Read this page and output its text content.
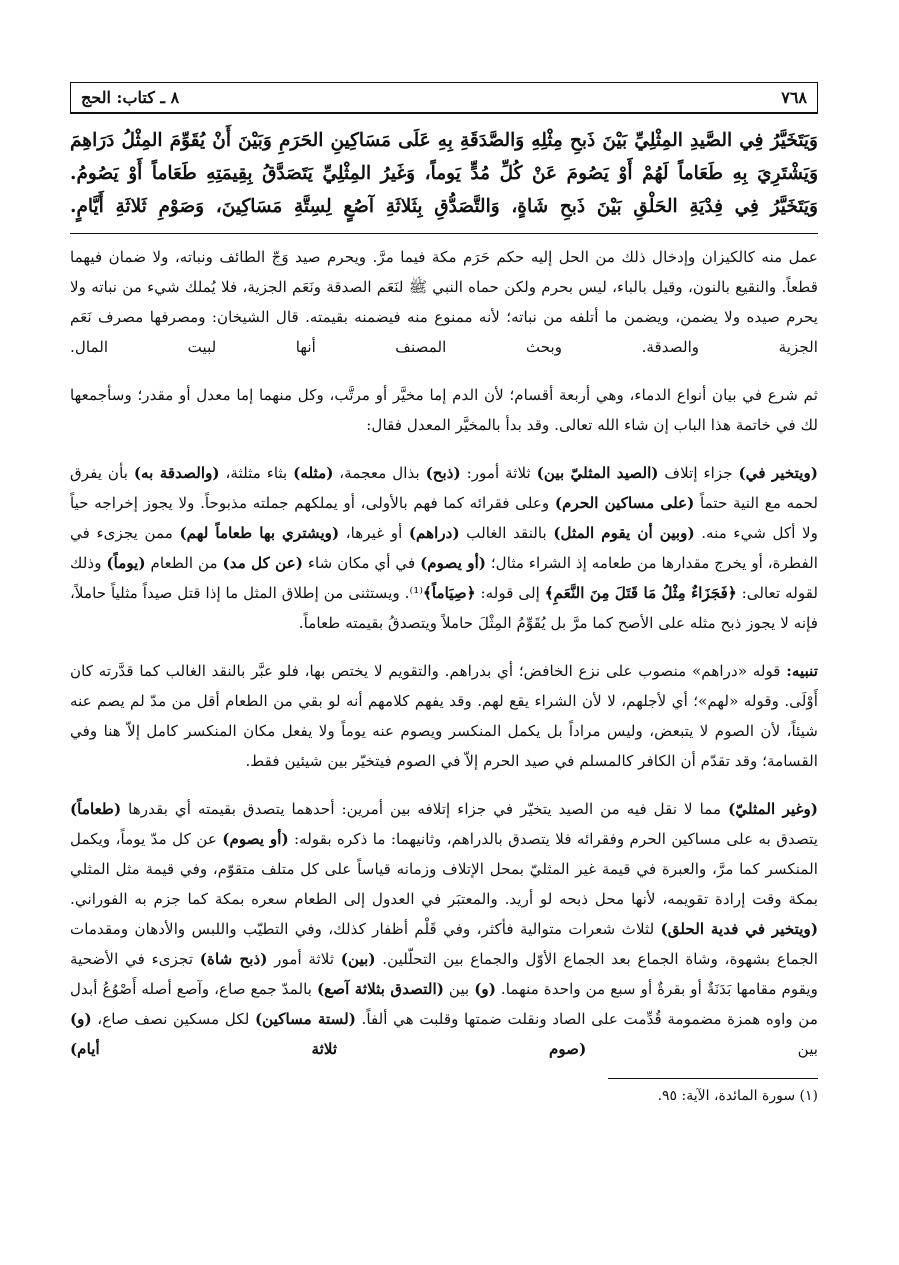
٧٦٨
٨ ـ كتاب: الحج

وَيَتَخَيَّرُ فِي الصَّيدِ المِثْلِيِّ بَيْنَ ذَبحِ مِثْلِهِ وَالصَّدَقَةِ بِهِ عَلَى مَسَاكِينِ الحَرَمِ وَبَيْنَ أَنْ يُقَوِّمَ المِثْلُ دَرَاهِمَ

وَيَشْتَرِيَ بِهِ طَعَاماً لَهُمْ أَوْ يَصُومَ عَنْ كُلِّ مُدٍّ يَوماً، وَغَيرُ المِثْلِيِّ يَتَصَدَّقُ بِقِيمَتِهِ طَعَاماً أَوْ يَصُومُ.

وَيَتَخَيَّرُ فِي فِدْيَةِ الحَلْقِ بَيْنَ ذَبحِ شَاةٍ، وَالتَّصَدُّقِ بِثَلاثَةِ آصُعٍ لِسِتَّةِ مَسَاكِينَ، وَصَوْمِ ثَلاثَةِ أَيَّامٍ.

عمل منه كالكيزان وإدخال ذلك من الحل إليه حكم حَرَم مكة فيما مرَّ. ويحرم صيد وَجّ الطائف ونباته، ولا ضمان فيهما قطعاً. والنقيع بالنون، وقيل بالباء، ليس بحرم ولكن حماه النبي ﷺ لنَعَم الصدقة ونَعَم الجزية، فلا يُملك شيء من نباته ولا يحرم صيده ولا يضمن، ويضمن ما أتلفه من نباته؛ لأنه ممنوع منه فيضمنه بقيمته. قال الشيخان: ومصرفها مصرف نَعَم الجزية والصدقة. وبحث المصنف أنها لبيت المال.

ثم شرع في بيان أنواع الدماء، وهي أربعة أقسام؛ لأن الدم إما مخيَّر أو مرتَّب، وكل منهما إما معدل أو مقدر؛ وسأجمعها لك في خاتمة هذا الباب إن شاء الله تعالى. وقد بدأ بالمخيَّر المعدل فقال:

(ويتخير في) جزاء إتلاف (الصيد المثليّ بين) ثلاثة أمور: (ذبح) بذال معجمة، (مثله) بثاء مثلثة، (والصدقة به) بأن يفرق لحمه مع النية حتماً (على مساكين الحرم) وعلى فقرائه كما فهم بالأولى، أو يملكهم جملته مذبوحاً. ولا يجوز إخراجه حياً ولا أكل شيء منه. (وبين أن يقوم المثل) بالنقد الغالب (دراهم) أو غيرها، (ويشتري بها طعاماً لهم) ممن يجزىء في الفطرة، أو يخرج مقدارها من طعامه إذ الشراء مثال؛ (أو يصوم) في أي مكان شاء (عن كل مد) من الطعام (يوماً) وذلك لقوله تعالى: ﴿فَجَزَاءٌ مِثْلُ مَا قَتَلَ مِنَ النَّعَمِ﴾ إلى قوله: ﴿صِيَاماً﴾⁽¹⁾. ويستثنى من إطلاق المثل ما إذا قتل صيداً مثلياً حاملاً، فإنه لا يجوز ذبح مثله على الأصح كما مرَّ بل يُقَوِّمُ المِثْلَ حاملاً ويتصدقُ بقيمته طعاماً.

تنبيه: قوله «دراهم» منصوب على نزع الخافض؛ أي بدراهم. والتقويم لا يختص بها، فلو عبَّر بالنقد الغالب كما قدَّرته كان أَوْلَى. وقوله «لهم»؛ أي لأجلهم، لا لأن الشراء يقع لهم. وقد يفهم كلامهم أنه لو بقي من الطعام أقل من مدّ لم يصم عنه شيئاً، لأن الصوم لا يتبعض، وليس مراداً بل يكمل المنكسر ويصوم عنه يوماً ولا يفعل مكان المنكسر كامل إلاّ هنا وفي القسامة؛ وقد تقدّم أن الكافر كالمسلم في صيد الحرم إلاّ في الصوم فيتخيّر بين شيئين فقط.

(وغير المثليّ) مما لا نقل فيه من الصيد يتخيّر في جزاء إتلافه بين أمرين: أحدهما يتصدق بقيمته أي بقدرها (طعاماً) يتصدق به على مساكين الحرم وفقرائه فلا يتصدق بالدراهم، وثانيهما: ما ذكره بقوله: (أو يصوم) عن كل مدّ يوماً، ويكمل المنكسر كما مرَّ، والعبرة في قيمة غير المثليّ بمحل الإتلاف وزمانه قياساً على كل متلف متقوّم، وفي قيمة مثل المثلي بمكة وقت إرادة تقويمه، لأنها محل ذبحه لو أريد. والمعتبَر في العدول إلى الطعام سعره بمكة كما جزم به الفوراني. (ويتخير في فدية الحلق) لثلاث شعرات متوالية فأكثر، وفي قَلْم أظفار كذلك، وفي التطيّب واللبس والأدهان ومقدمات الجماع بشهوة، وشاة الجماع بعد الجماع الأوّل والجماع بين التحلّلين. (بين) ثلاثة أمور (ذبح شاة) تجزىء في الأضحية ويقوم مقامها بَدَنَةٌ أو بقرةٌ أو سبع من واحدة منهما. (و) بين (التصدق بثلاثة آصع) بالمدّ جمع صاع، وآصع أصله أَصْوُعُ أبدل من واوه همزة مضمومة قُدِّمت على الصاد ونقلت ضمتها وقلبت هي ألفاً. (لستة مساكين) لكل مسكين نصف صاع، (و) بين (صوم ثلاثة أيام)

(١) سورة المائدة، الآية: ٩٥.
